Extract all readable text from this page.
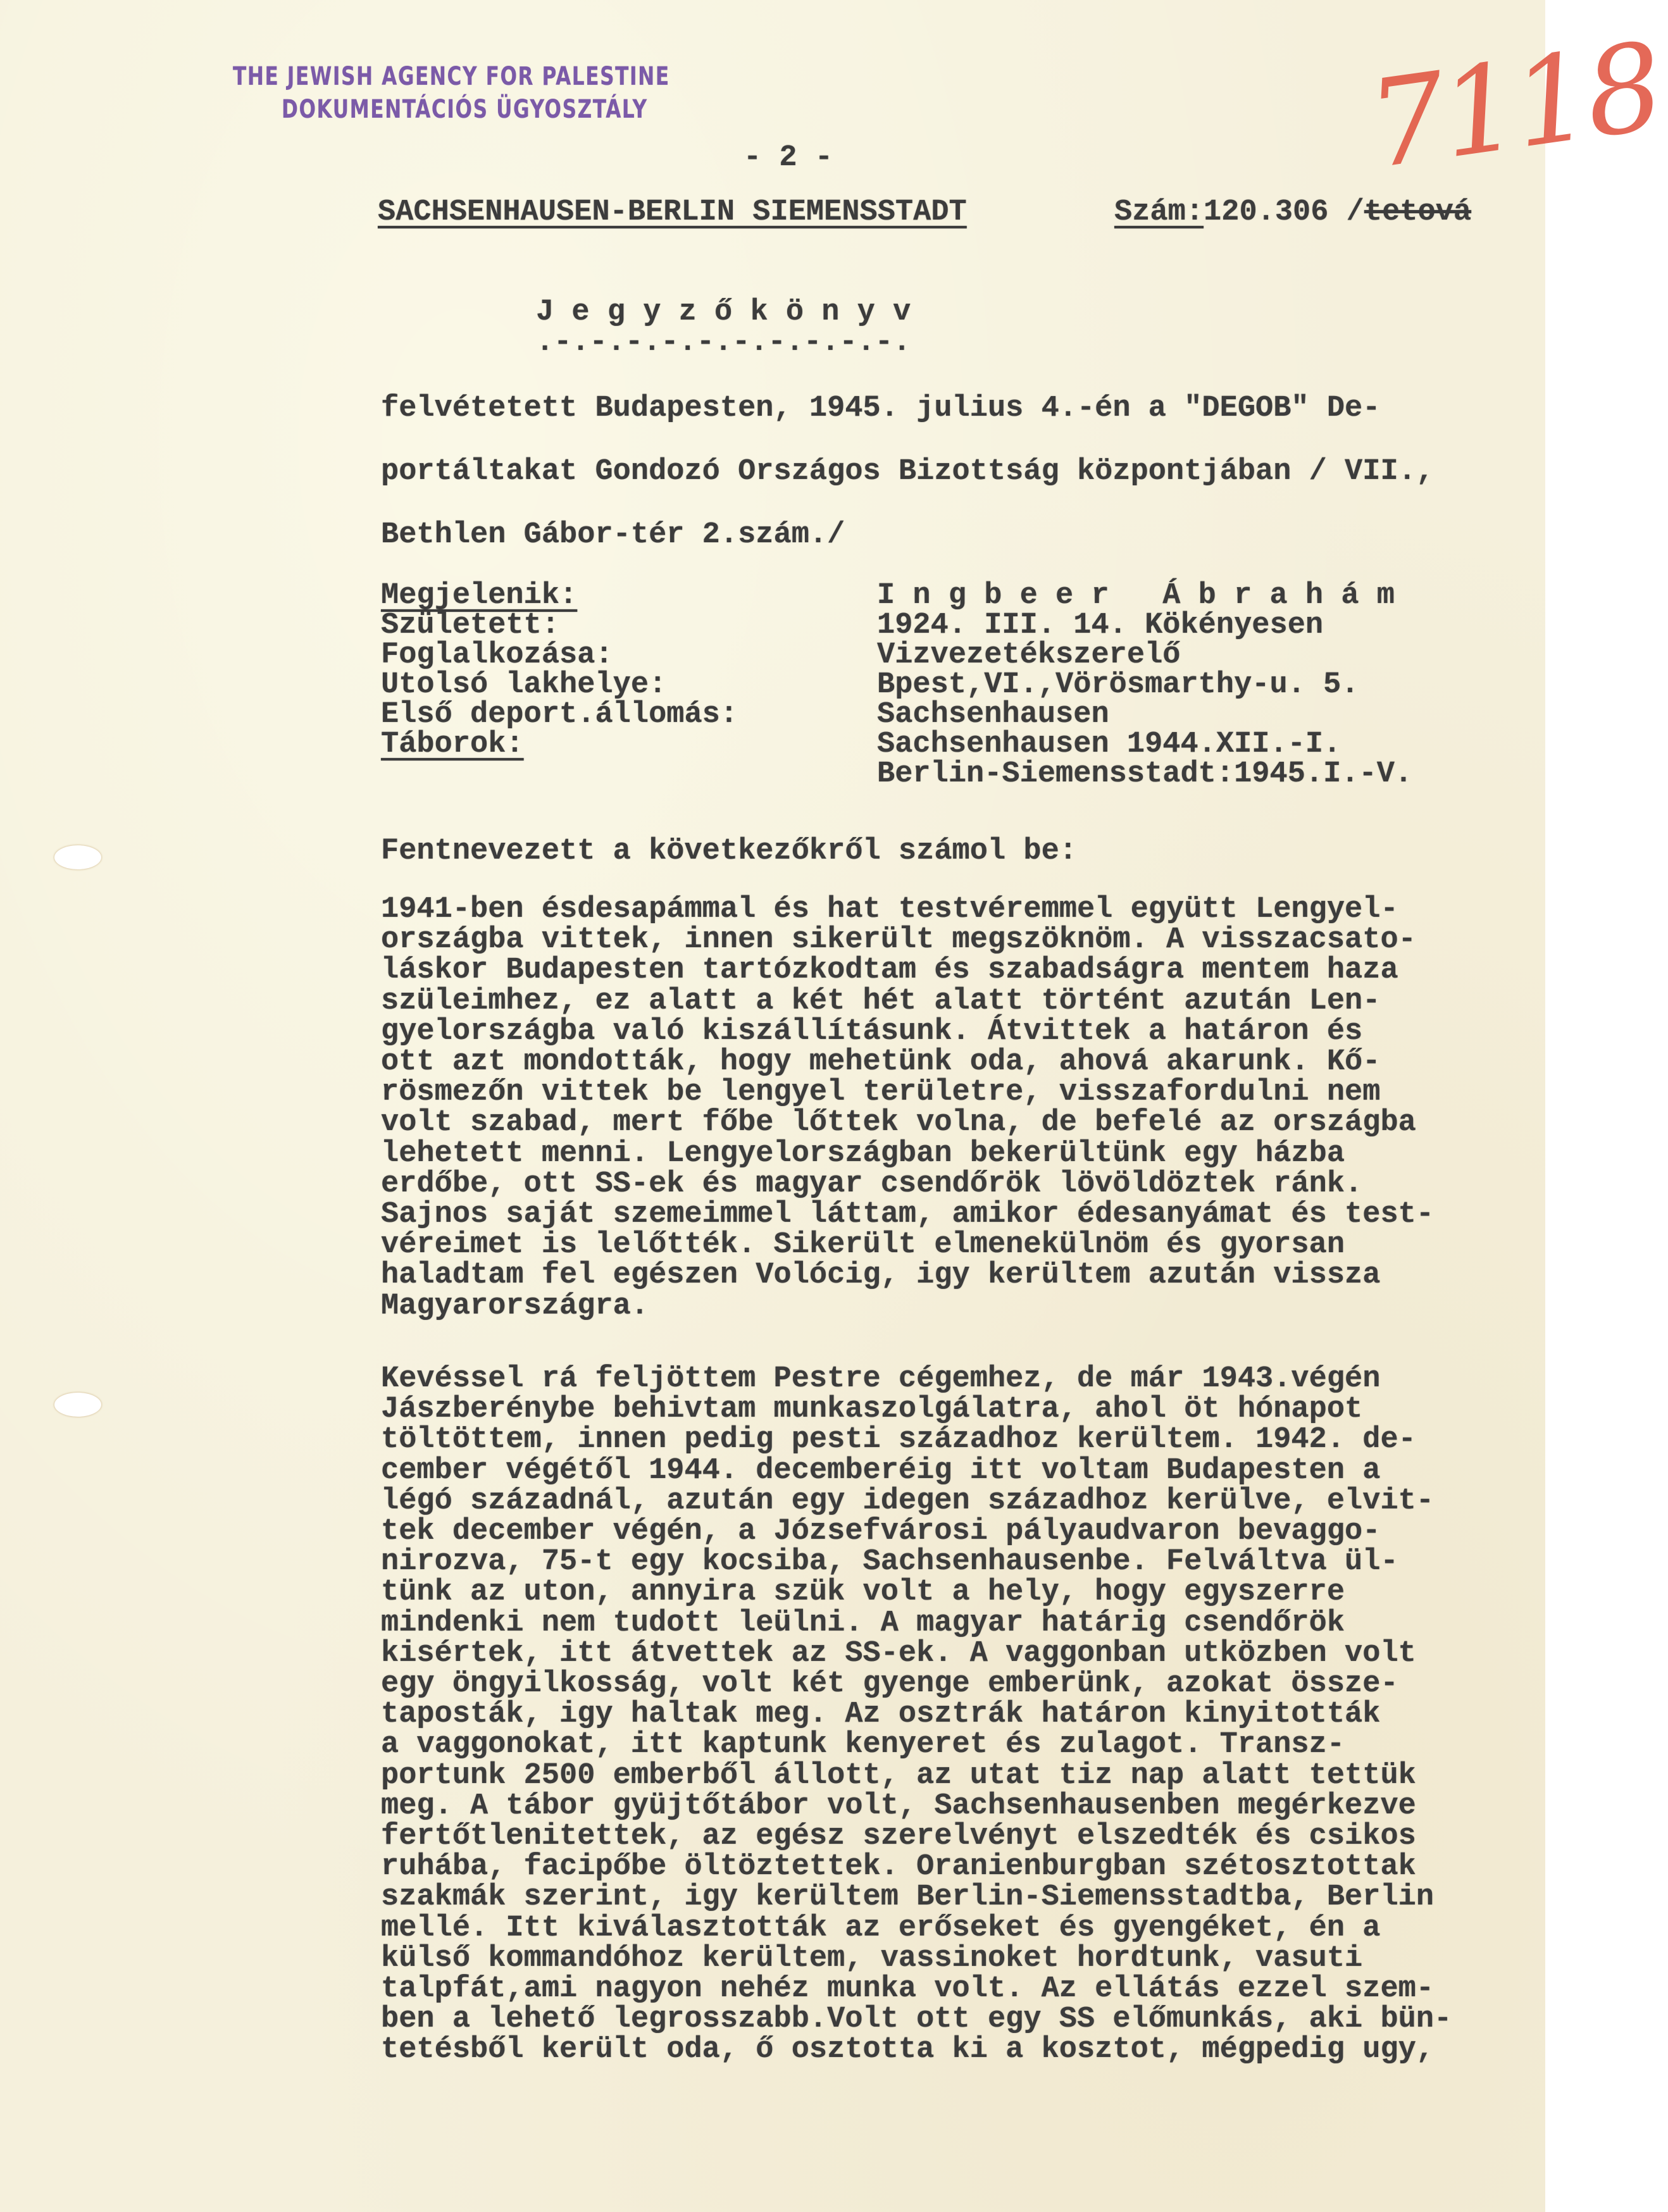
THE JEWISH AGENCY FOR PALESTINE
DOKUMENTÁCIÓS ÜGYOSZTÁLY	7118
- 2 -
SACHSENHAUSEN-BERLIN SIEMENSSTADT	Szám:120.306 /tetová
J e g y z ő k ö n y v
.-.-.-.-.-.-.-.-.-.-.
felvétetett Budapesten, 1945. julius 4.-én a "DEGOB" De-
portáltakat Gondozó Országos Bizottság központjában / VII.,
Bethlen Gábor-tér 2.szám./
Megjelenik:	I n g b e e r   Á b r a h á m
Született:	1924. III. 14. Kökényesen
Foglalkozása:	Vizvezetékszerelő
Utolsó lakhelye:	Bpest,VI.,Vörösmarthy-u. 5.
Első deport.állomás:	Sachsenhausen
Táborok:	Sachsenhausen 1944.XII.-I.
Berlin-Siemensstadt:1945.I.-V.
Fentnevezett a következőkről számol be:
1941-ben ésdesapámmal és hat testvéremmel együtt Lengyel-
országba vittek, innen sikerült megszöknöm. A visszacsato-
láskor Budapesten tartózkodtam és szabadságra mentem haza
szüleimhez, ez alatt a két hét alatt történt azután Len-
gyelországba való kiszállításunk. Átvittek a határon és
ott azt mondották, hogy mehetünk oda, ahová akarunk. Kő-
rösmezőn vittek be lengyel területre, visszafordulni nem
volt szabad, mert főbe lőttek volna, de befelé az országba
lehetett menni. Lengyelországban bekerültünk egy házba
erdőbe, ott SS-ek és magyar csendőrök lövöldöztek ránk.
Sajnos saját szemeimmel láttam, amikor édesanyámat és test-
véreimet is lelőtték. Sikerült elmenekülnöm és gyorsan
haladtam fel egészen Volócig, igy kerültem azután vissza
Magyarországra.
Kevéssel rá feljöttem Pestre cégemhez, de már 1943.végén
Jászberénybe behivtam munkaszolgálatra, ahol öt hónapot
töltöttem, innen pedig pesti századhoz kerültem. 1942. de-
cember végétől 1944. decemberéig itt voltam Budapesten a
légó századnál, azután egy idegen századhoz kerülve, elvit-
tek december végén, a Józsefvárosi pályaudvaron bevaggo-
nirozva, 75-t egy kocsiba, Sachsenhausenbe. Felváltva ül-
tünk az uton, annyira szük volt a hely, hogy egyszerre
mindenki nem tudott leülni. A magyar határig csendőrök
kisértek, itt átvettek az SS-ek. A vaggonban utközben volt
egy öngyilkosság, volt két gyenge emberünk, azokat össze-
taposták, igy haltak meg. Az osztrák határon kinyitották
a vaggonokat, itt kaptunk kenyeret és zulagot. Transz-
portunk 2500 emberből állott, az utat tiz nap alatt tettük
meg. A tábor gyüjtőtábor volt, Sachsenhausenben megérkezve
fertőtlenitettek, az egész szerelvényt elszedték és csikos
ruhába, facipőbe öltöztettek. Oranienburgban szétosztottak
szakmák szerint, igy kerültem Berlin-Siemensstadtba, Berlin
mellé. Itt kiválasztották az erőseket és gyengéket, én a
külső kommandóhoz kerültem, vassinoket hordtunk, vasuti
talpfát,ami nagyon nehéz munka volt. Az ellátás ezzel szem-
ben a lehető legrosszabb.Volt ott egy SS előmunkás, aki bün-
tetésből került oda, ő osztotta ki a kosztot, mégpedig ugy,
